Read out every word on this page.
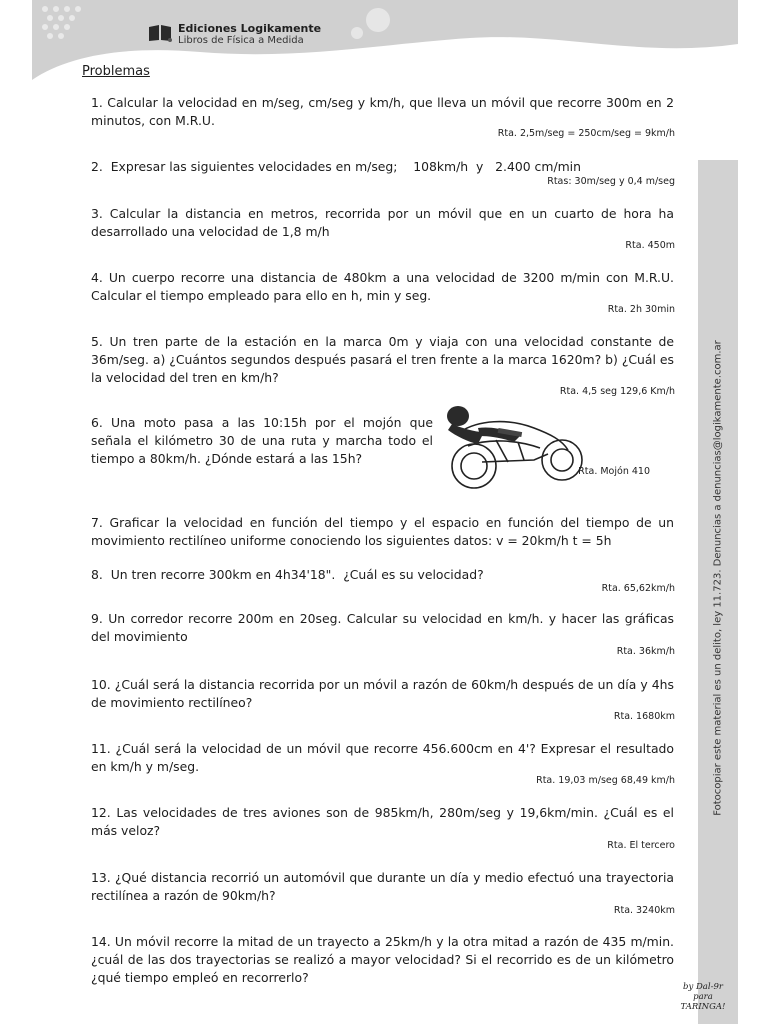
Ediciones Logikamente
Libros de Física a Medida
Fotocopiar este material es un delito, ley 11.723. Denuncias a denuncias@logikamente.com.ar
Problemas
1. Calcular la velocidad en m/seg, cm/seg y km/h, que lleva un móvil que recorre 300m en 2 minutos, con M.R.U.
Rta. 2,5m/seg = 250cm/seg = 9km/h
2.  Expresar las siguientes velocidades en m/seg;    108km/h  y   2.400 cm/min
Rtas: 30m/seg y 0,4 m/seg
3. Calcular la distancia en metros, recorrida por un móvil que en un cuarto de hora ha desarrollado una velocidad de 1,8 m/h
Rta. 450m
4. Un cuerpo recorre una distancia de 480km a una velocidad de 3200 m/min con M.R.U. Calcular el tiempo empleado para ello en h, min y seg.
Rta. 2h 30min
5. Un tren parte de la estación en la marca 0m y viaja con una velocidad constante de 36m/seg. a) ¿Cuántos segundos después pasará el tren frente a la marca 1620m? b) ¿Cuál es la velocidad del tren en km/h?
Rta. 4,5 seg 129,6 Km/h
6. Una moto pasa a las 10:15h por el mojón que señala el kilómetro 30 de una ruta y marcha todo el tiempo a 80km/h. ¿Dónde estará a las 15h?
Rta. Mojón 410
7. Graficar la velocidad en función del tiempo y el espacio en función del tiempo de un movimiento rectilíneo uniforme conociendo los siguientes datos: v = 20km/h t = 5h
8.  Un tren recorre 300km en 4h34'18".  ¿Cuál es su velocidad?
Rta. 65,62km/h
9. Un corredor recorre 200m en 20seg. Calcular su velocidad en km/h. y hacer las gráficas del movimiento
Rta. 36km/h
10. ¿Cuál será la distancia recorrida por un móvil a razón de 60km/h después de un día y 4hs de movimiento rectilíneo?
Rta. 1680km
11. ¿Cuál será la velocidad de un móvil que recorre 456.600cm en 4'? Expresar el resultado en km/h y m/seg.
Rta. 19,03 m/seg 68,49 km/h
12. Las velocidades de tres aviones son de 985km/h, 280m/seg y 19,6km/min. ¿Cuál es el más veloz?
Rta. El tercero
13. ¿Qué distancia recorrió un automóvil que durante un día y medio efectuó una trayectoria rectilínea a razón de 90km/h?
Rta. 3240km
14. Un móvil recorre la mitad de un trayecto a 25km/h y la otra mitad a razón de 435 m/min. ¿cuál de las dos trayectorias se realizó a mayor velocidad? Si el recorrido es de un kilómetro ¿qué tiempo empleó en recorrerlo?
by Dal-9r
para
TARINGA!
